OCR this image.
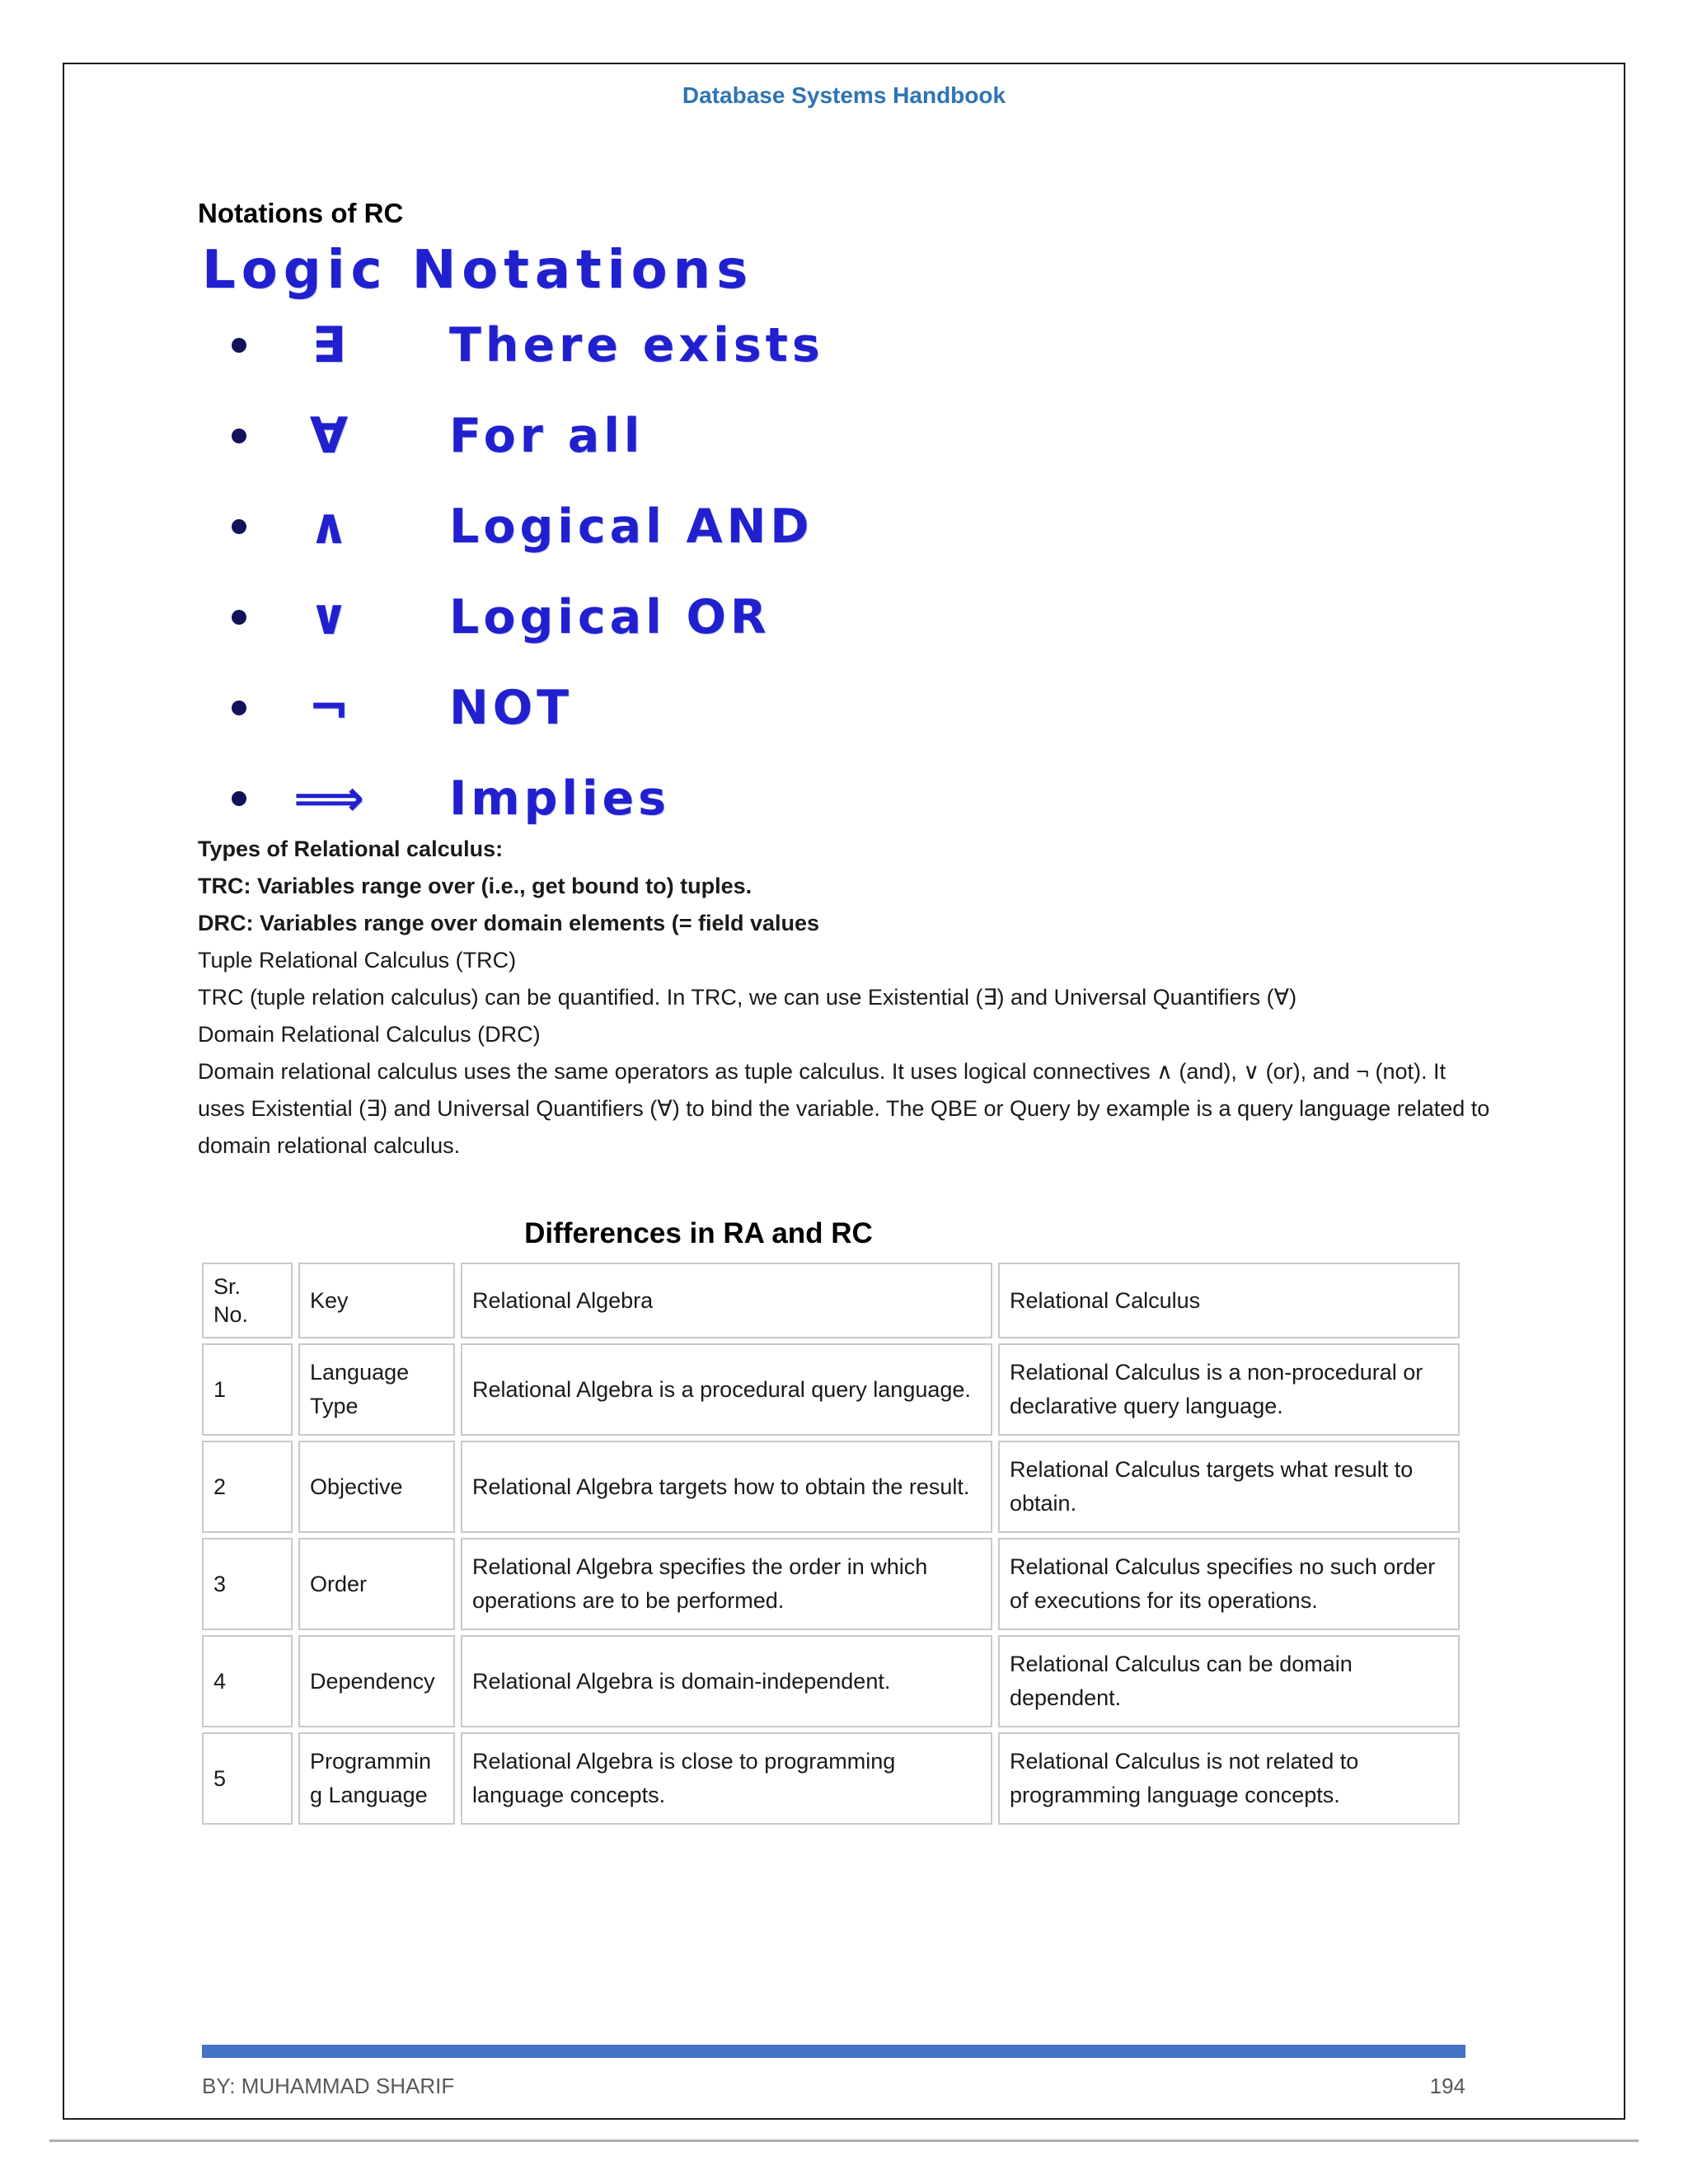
Database Systems Handbook
Notations of RC
Logic Notations
∃	There exists
∀	For all
∧	Logical AND
∨	Logical OR
¬	NOT
⟹	Implies

Types of Relational calculus:

TRC: Variables range over (i.e., get bound to) tuples.

DRC: Variables range over domain elements (= field values

Tuple Relational Calculus (TRC)

TRC (tuple relation calculus) can be quantified. In TRC, we can use Existential (∃) and Universal Quantifiers (∀)

Domain Relational Calculus (DRC)

Domain relational calculus uses the same operators as tuple calculus. It uses logical connectives ∧ (and), ∨ (or), and ¬ (not). It uses Existential (∃) and Universal Quantifiers (∀) to bind the variable. The QBE or Query by example is a query language related to domain relational calculus.

Differences in RA and RC
Sr. No.	Key	Relational Algebra	Relational Calculus
1	Language Type	Relational Algebra is a procedural query language.	Relational Calculus is a non-procedural or declarative query language.
2	Objective	Relational Algebra targets how to obtain the result.	Relational Calculus targets what result to obtain.
3	Order	Relational Algebra specifies the order in which operations are to be performed.	Relational Calculus specifies no such order of executions for its operations.
4	Dependency	Relational Algebra is domain-independent.	Relational Calculus can be domain dependent.
5	Programming Language	Relational Algebra is close to programming language concepts.	Relational Calculus is not related to programming language concepts.
BY: MUHAMMAD SHARIF	194
